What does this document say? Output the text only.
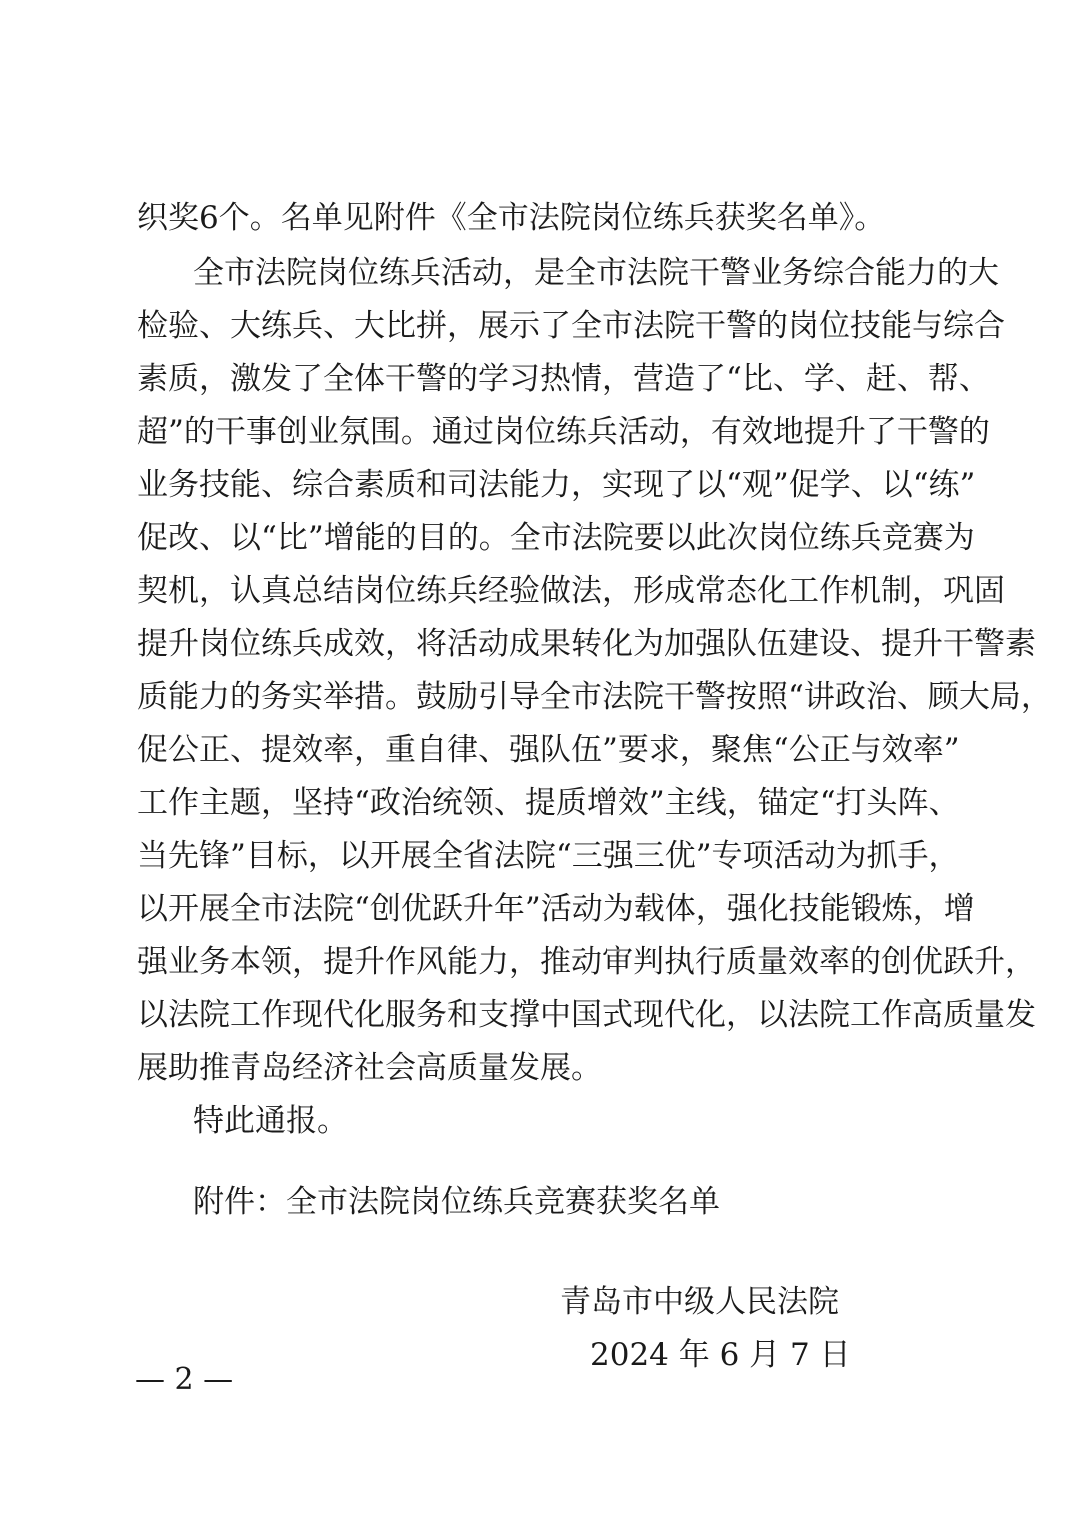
织奖6个。名单见附件《全市法院岗位练兵获奖名单》。
全市法院岗位练兵活动，是全市法院干警业务综合能力的大
检验、大练兵、大比拼，展示了全市法院干警的岗位技能与综合
素质，激发了全体干警的学习热情，营造了“比、学、赶、帮、
超”的干事创业氛围。通过岗位练兵活动，有效地提升了干警的
业务技能、综合素质和司法能力，实现了以“观”促学、以“练”
促改、以“比”增能的目的。全市法院要以此次岗位练兵竞赛为
契机，认真总结岗位练兵经验做法，形成常态化工作机制，巩固
提升岗位练兵成效，将活动成果转化为加强队伍建设、提升干警素
质能力的务实举措。鼓励引导全市法院干警按照“讲政治、顾大局，
促公正、提效率，重自律、强队伍”要求，聚焦“公正与效率”
工作主题，坚持“政治统领、提质增效”主线，锚定“打头阵、
当先锋”目标，以开展全省法院“三强三优”专项活动为抓手，
以开展全市法院“创优跃升年”活动为载体，强化技能锻炼，增
强业务本领，提升作风能力，推动审判执行质量效率的创优跃升，
以法院工作现代化服务和支撑中国式现代化，以法院工作高质量发
展助推青岛经济社会高质量发展。
特此通报。
附件：全市法院岗位练兵竞赛获奖名单
青岛市中级人民法院
2024 年 6 月 7 日
— 2 —
